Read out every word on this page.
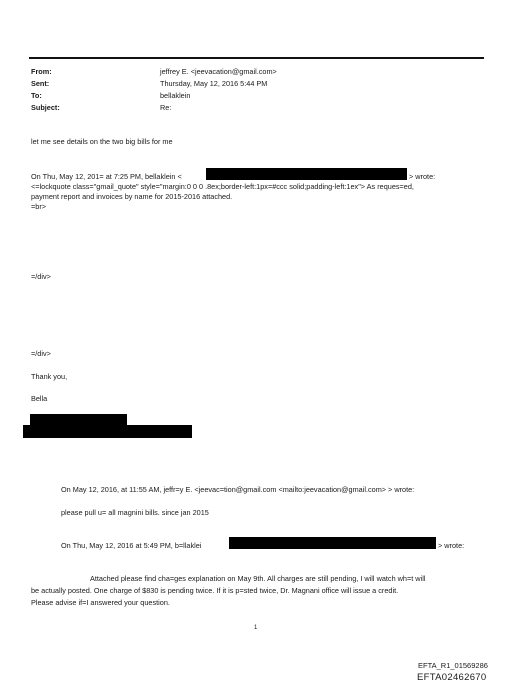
From:
Sent:
To:
Subject:
jeffrey E. <jeevacation@gmail.com>
Thursday, May 12, 2016 5:44 PM
bellaklein
Re:
let me see details on the two big bills for me
On Thu, May 12, 201= at 7:25 PM, bellaklein <	> wrote:
<=lockquote class="gmail_quote" style="margin:0 0 0 .8ex;border-left:1px=#ccc solid;padding-left:1ex"> As reques=ed,
payment report and invoices by name for 2015-2016 attached.
=br>
=/div>
=/div>
Thank you,
Bella
On May 12, 2016, at 11:55 AM, jeffr=y E. <jeevac=tion@gmail.com <mailto:jeevacation@gmail.com> > wrote:
please pull u= all magnini bills. since jan 2015
On Thu, May 12, 2016 at 5:49 PM, b=llaklei	> wrote:
Attached please find cha=ges explanation on May 9th. All charges are still pending, I will watch wh=t will
be actually posted. One charge of $830 is pending twice. If it is p=sted twice, Dr. Magnani office will issue a credit.
Please advise if=I answered your question.
1
EFTA_R1_01569286
EFTA02462670
